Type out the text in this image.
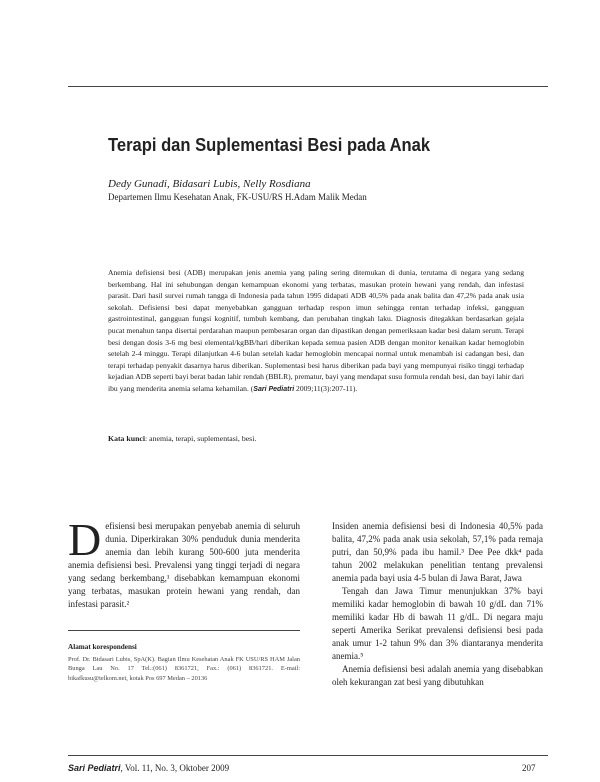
Terapi dan Suplementasi Besi pada Anak
Dedy Gunadi, Bidasari Lubis, Nelly Rosdiana
Departemen Ilmu Kesehatan Anak, FK-USU/RS H.Adam Malik Medan
Anemia defisiensi besi (ADB) merupakan jenis anemia yang paling sering ditemukan di dunia, terutama di negara yang sedang berkembang. Hal ini sehubungan dengan kemampuan ekonomi yang terbatas, masukan protein hewani yang rendah, dan infestasi parasit. Dari hasil survei rumah tangga di Indonesia pada tahun 1995 didapati ADB 40,5% pada anak balita dan 47,2% pada anak usia sekolah. Defisiensi besi dapat menyebabkan gangguan terhadap respon imun sehingga rentan terhadap infeksi, gangguan gastrointestinal, gangguan fungsi kognitif, tumbuh kembang, dan perubahan tingkah laku. Diagnosis ditegakkan berdasarkan gejala pucat menahun tanpa disertai perdarahan maupun pembesaran organ dan dipastikan dengan pemeriksaan kadar besi dalam serum. Terapi besi dengan dosis 3-6 mg besi elemental/kgBB/hari diberikan kepada semua pasien ADB dengan monitor kenaikan kadar hemoglobin setelah 2-4 minggu. Terapi dilanjutkan 4-6 bulan setelah kadar hemoglobin mencapai normal untuk menambah isi cadangan besi, dan terapi terhadap penyakit dasarnya harus diberikan. Suplementasi besi harus diberikan pada bayi yang mempunyai risiko tinggi terhadap kejadian ADB seperti bayi berat badan lahir rendah (BBLR), prematur, bayi yang mendapat susu formula rendah besi, dan bayi lahir dari ibu yang menderita anemia selama kehamilan. (Sari Pediatri 2009;11(3):207-11).
Kata kunci: anemia, terapi, suplementasi, besi.

Defisiensi besi merupakan penyebab anemia di seluruh dunia. Diperkirakan 30% penduduk dunia menderita anemia dan lebih kurang 500-600 juta menderita anemia defisiensi besi. Prevalensi yang tinggi terjadi di negara yang sedang berkembang,¹ disebabkan kemampuan ekonomi yang terbatas, masukan protein hewani yang rendah, dan infestasi parasit.²

Alamat korespondensi
Prof. Dr. Bidasari Lubis, SpA(K). Bagian Ilmu Kesehatan Anak FK USU/RS HAM Jalan Bunga Lau No. 17 Tel.:(061) 8361721, Fax.: (061) 8361721. E-mail: bikafkusu@telkom.net, kotak Pos 697 Medan – 20136

Insiden anemia defisiensi besi di Indonesia 40,5% pada balita, 47,2% pada anak usia sekolah, 57,1% pada remaja putri, dan 50,9% pada ibu hamil.³ Dee Pee dkk⁴ pada tahun 2002 melakukan penelitian tentang prevalensi anemia pada bayi usia 4-5 bulan di Jawa Barat, Jawa

Tengah dan Jawa Timur menunjukkan 37% bayi memiliki kadar hemoglobin di bawah 10 g/dL dan 71% memiliki kadar Hb di bawah 11 g/dL. Di negara maju seperti Amerika Serikat prevalensi defisiensi besi pada anak umur 1-2 tahun 9% dan 3% diantaranya menderita anemia.⁵

Anemia defisiensi besi adalah anemia yang disebabkan oleh kekurangan zat besi yang dibutuhkan

Sari Pediatri, Vol. 11, No. 3, Oktober 2009	207
